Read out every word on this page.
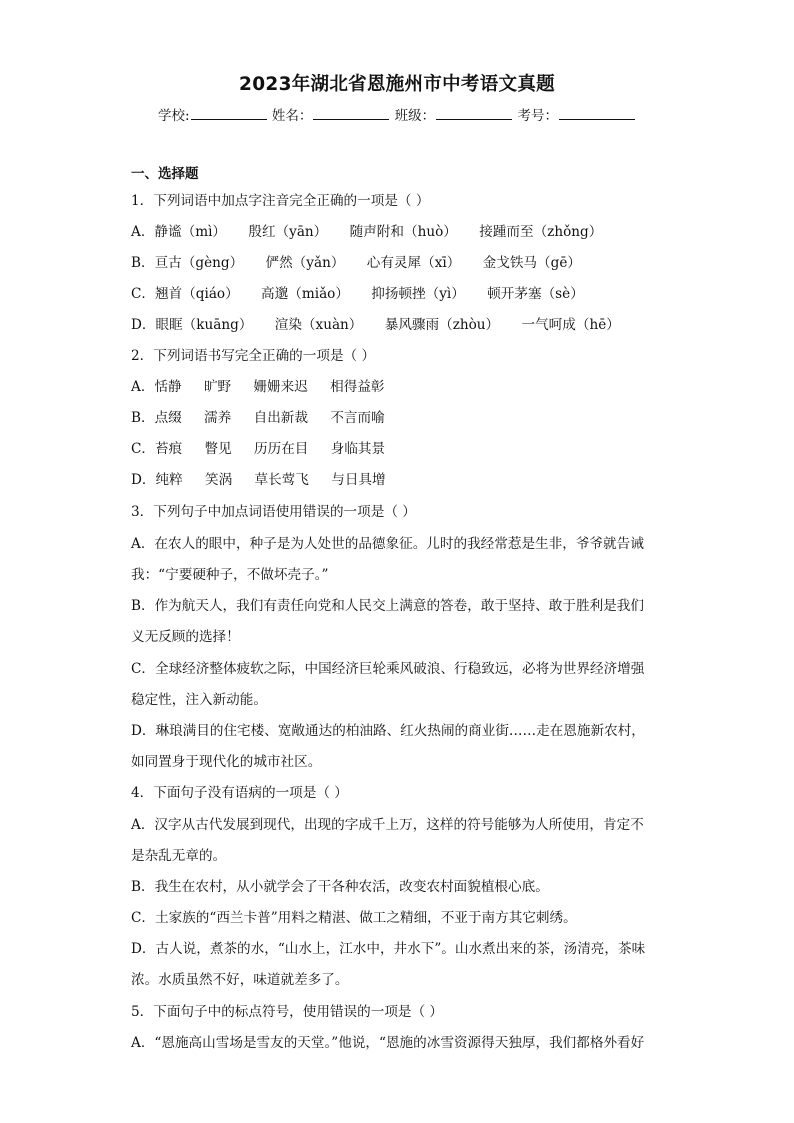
2023年湖北省恩施州市中考语文真题
学校:	姓名：	班级：	考号：
一、选择题
1．下列词语中加点字注音完全正确的一项是（ ）
A．静谧（mì） 殷红（yān） 随声附和（huò） 接踵而至（zhǒng）
B．亘古（gèng） 俨然（yǎn） 心有灵犀（xī） 金戈铁马（gē）
C．翘首（qiáo） 高邈（miǎo） 抑扬顿挫（yì） 顿开茅塞（sè）
D．眼眶（kuāng） 渲染（xuàn） 暴风骤雨（zhòu） 一气呵成（hē）
2．下列词语书写完全正确的一项是（ ）
A．恬静 旷野 姗姗来迟 相得益彰
B．点缀 濡养 自出新裁 不言而喻
C．苔痕 瞥见 历历在目 身临其景
D．纯粹 笑涡 草长莺飞 与日具增
3．下列句子中加点词语使用错误的一项是（ ）
A．在农人的眼中，种子是为人处世的品德象征。儿时的我经常惹是生非，爷爷就告诫
我：“宁要硬种子，不做坏壳子。”
B．作为航天人，我们有责任向党和人民交上满意的答卷，敢于坚持、敢于胜利是我们
义无反顾的选择！
C．全球经济整体疲软之际，中国经济巨轮乘风破浪、行稳致远，必将为世界经济增强
稳定性，注入新动能。
D．琳琅满目的住宅楼、宽敞通达的柏油路、红火热闹的商业街……走在恩施新农村，
如同置身于现代化的城市社区。
4．下面句子没有语病的一项是（ ）
A．汉字从古代发展到现代，出现的字成千上万，这样的符号能够为人所使用，肯定不
是杂乱无章的。
B．我生在农村，从小就学会了干各种农活，改变农村面貌植根心底。
C．土家族的“西兰卡普”用料之精湛、做工之精细，不亚于南方其它刺绣。
D．古人说，煮茶的水，“山水上，江水中，井水下”。山水煮出来的茶，汤清亮，茶味
浓。水质虽然不好，味道就差多了。
5．下面句子中的标点符号，使用错误的一项是（ ）
A．“恩施高山雪场是雪友的天堂。”他说，“恩施的冰雪资源得天独厚，我们都格外看好
